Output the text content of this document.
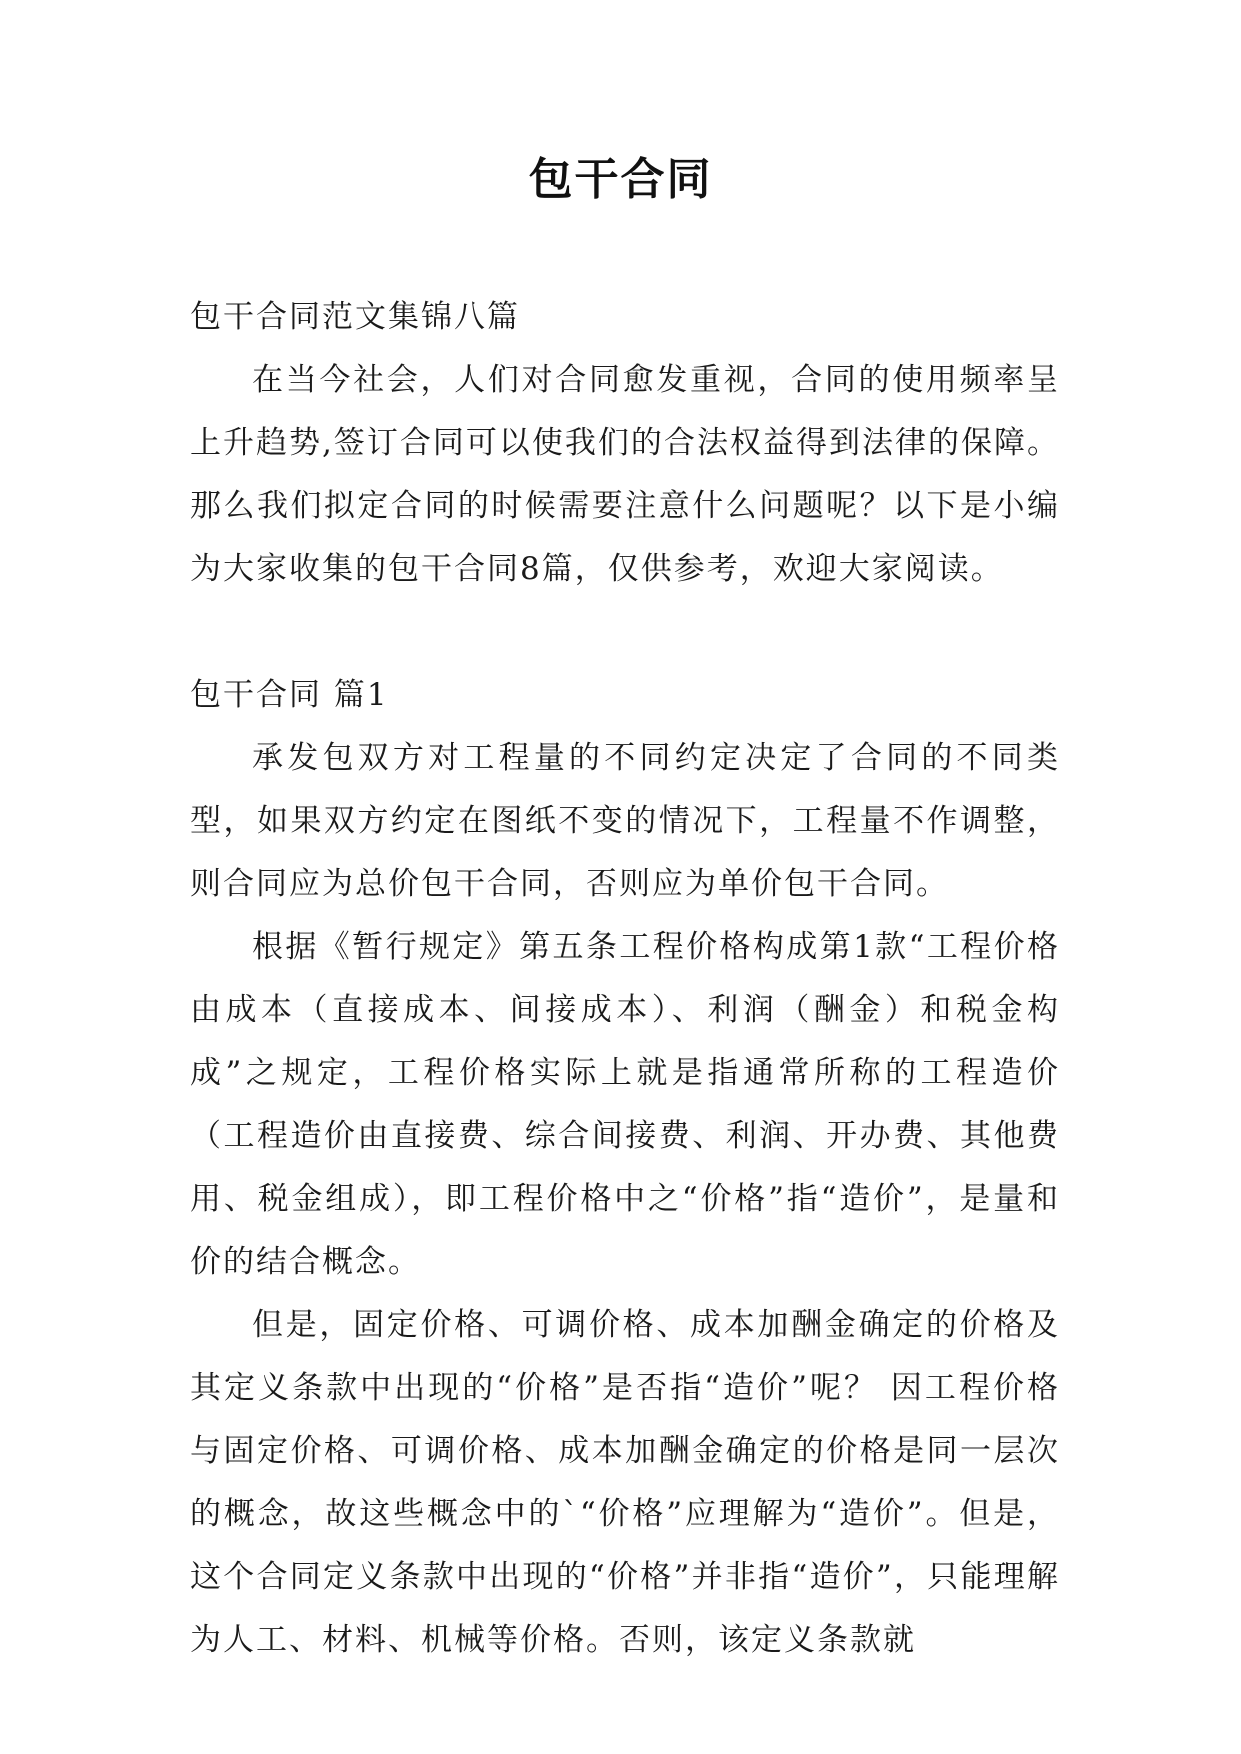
包干合同

包干合同范文集锦八篇

在当今社会，人们对合同愈发重视，合同的使用频率呈上升趋势,签订合同可以使我们的合法权益得到法律的保障。那么我们拟定合同的时候需要注意什么问题呢？以下是小编为大家收集的包干合同8篇，仅供参考，欢迎大家阅读。

包干合同 篇1

承发包双方对工程量的不同约定决定了合同的不同类型，如果双方约定在图纸不变的情况下，工程量不作调整，则合同应为总价包干合同，否则应为单价包干合同。

根据《暂行规定》第五条工程价格构成第1款“工程价格由成本（直接成本、间接成本）、利润（酬金）和税金构成”之规定，工程价格实际上就是指通常所称的工程造价（工程造价由直接费、综合间接费、利润、开办费、其他费用、税金组成），即工程价格中之“价格”指“造价”，是量和价的结合概念。

但是，固定价格、可调价格、成本加酬金确定的价格及其定义条款中出现的“价格”是否指“造价”呢？ 因工程价格与固定价格、可调价格、成本加酬金确定的价格是同一层次的概念，故这些概念中的`“价格”应理解为“造价”。但是，这个合同定义条款中出现的“价格”并非指“造价”，只能理解为人工、材料、机械等价格。否则，该定义条款就
